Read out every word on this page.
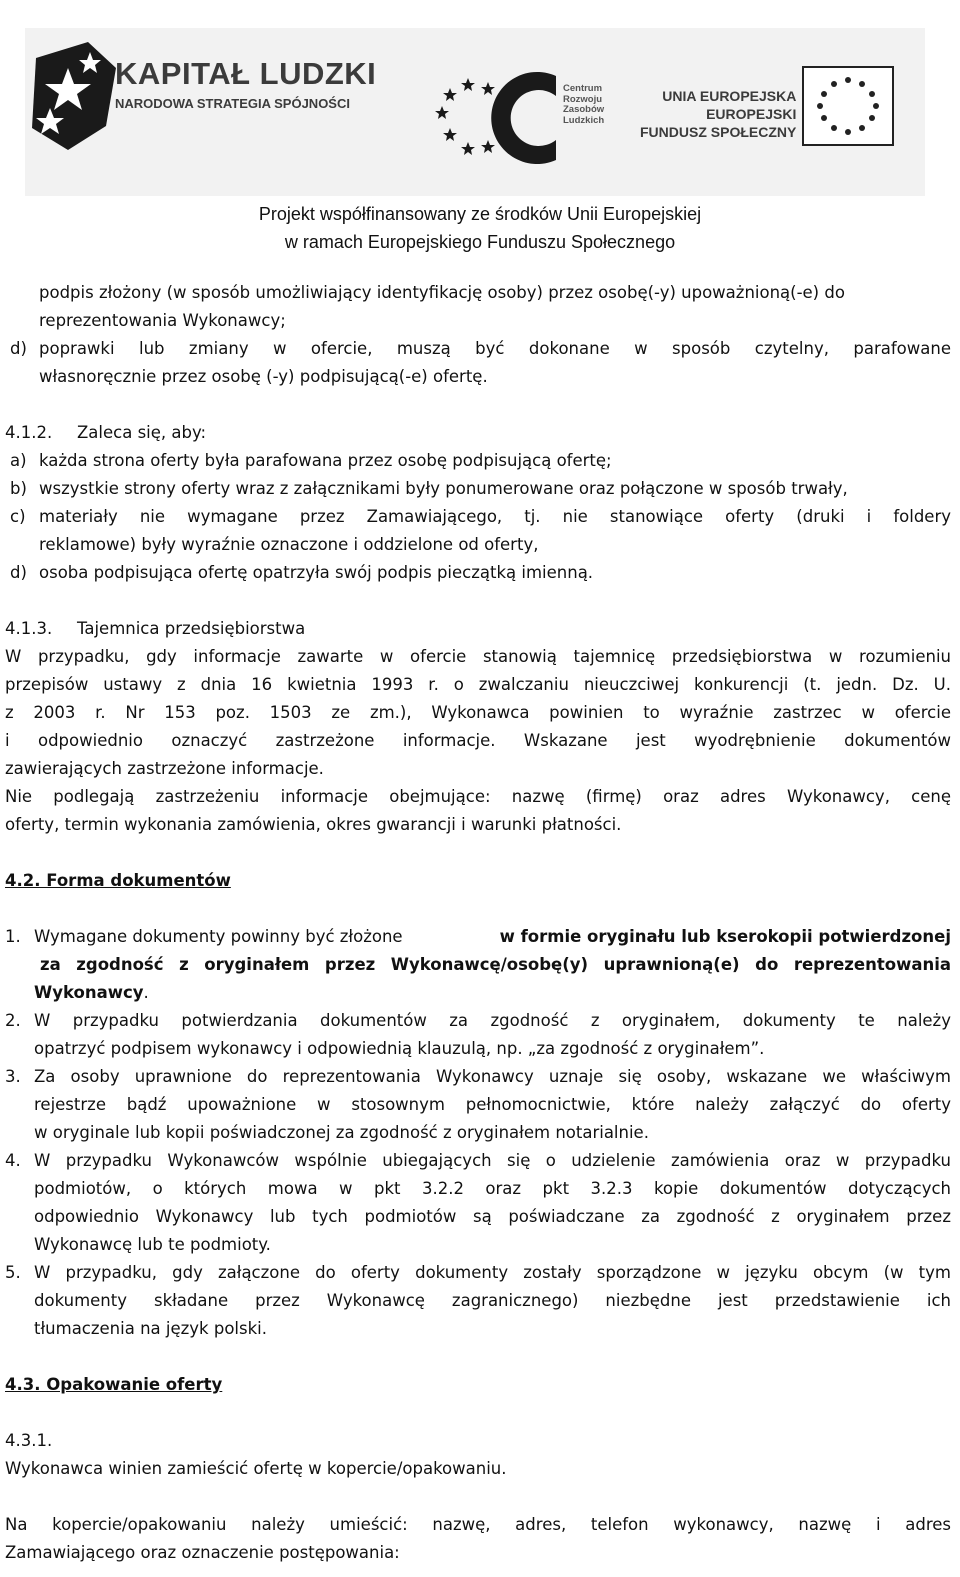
KAPITAŁ LUDZKI
NARODOWA STRATEGIA SPÓJNOŚCI
Centrum
Rozwoju
Zasobów
Ludzkich
UNIA EUROPEJSKA
EUROPEJSKI
FUNDUSZ SPOŁECZNY
Projekt współfinansowany ze środków Unii Europejskiej
w ramach Europejskiego Funduszu Społecznego
podpis złożony (w sposób umożliwiający identyfikację osoby) przez osobę(-y) upoważnioną(-e) do
reprezentowania Wykonawcy;
d) poprawki lub zmiany w ofercie, muszą być dokonane w sposób czytelny, parafowane
własnoręcznie przez osobę (-y) podpisującą(-e) ofertę.
4.1.2. Zaleca się, aby:
a) każda strona oferty była parafowana przez osobę podpisującą ofertę;
b) wszystkie strony oferty wraz z załącznikami były ponumerowane oraz połączone w sposób trwały,
c) materiały nie wymagane przez Zamawiającego, tj. nie stanowiące oferty (druki i foldery
reklamowe) były wyraźnie oznaczone i oddzielone od oferty,
d) osoba podpisująca ofertę opatrzyła swój podpis pieczątką imienną.
4.1.3. Tajemnica przedsiębiorstwa
W przypadku, gdy informacje zawarte w ofercie stanowią tajemnicę przedsiębiorstwa w rozumieniu
przepisów ustawy z dnia 16 kwietnia 1993 r. o zwalczaniu nieuczciwej konkurencji (t. jedn. Dz. U.
z 2003 r. Nr 153 poz. 1503 ze zm.), Wykonawca powinien to wyraźnie zastrzec w ofercie
i odpowiednio oznaczyć zastrzeżone informacje. Wskazane jest wyodrębnienie dokumentów
zawierających zastrzeżone informacje.
Nie podlegają zastrzeżeniu informacje obejmujące: nazwę (firmę) oraz adres Wykonawcy, cenę
oferty, termin wykonania zamówienia, okres gwarancji i warunki płatności.
4.2. Forma dokumentów
1. Wymagane dokumenty powinny być złożone	w formie oryginału lub kserokopii potwierdzonej
za zgodność z oryginałem przez Wykonawcę/osobę(y) uprawnioną(e) do reprezentowania
Wykonawcy.
2. W przypadku potwierdzania dokumentów za zgodność z oryginałem, dokumenty te należy
opatrzyć podpisem wykonawcy i odpowiednią klauzulą, np. „za zgodność z oryginałem”.
3. Za osoby uprawnione do reprezentowania Wykonawcy uznaje się osoby, wskazane we właściwym
rejestrze bądź upoważnione w stosownym pełnomocnictwie, które należy załączyć do oferty
w oryginale lub kopii poświadczonej za zgodność z oryginałem notarialnie.
4. W przypadku Wykonawców wspólnie ubiegających się o udzielenie zamówienia oraz w przypadku
podmiotów, o których mowa w pkt 3.2.2 oraz pkt 3.2.3 kopie dokumentów dotyczących
odpowiednio Wykonawcy lub tych podmiotów są poświadczane za zgodność z oryginałem przez
Wykonawcę lub te podmioty.
5. W przypadku, gdy załączone do oferty dokumenty zostały sporządzone w języku obcym (w tym
dokumenty składane przez Wykonawcę zagranicznego) niezbędne jest przedstawienie ich
tłumaczenia na język polski.
4.3. Opakowanie oferty
4.3.1.
Wykonawca winien zamieścić ofertę w kopercie/opakowaniu.
Na kopercie/opakowaniu należy umieścić: nazwę, adres, telefon wykonawcy, nazwę i adres
Zamawiającego oraz oznaczenie postępowania:
